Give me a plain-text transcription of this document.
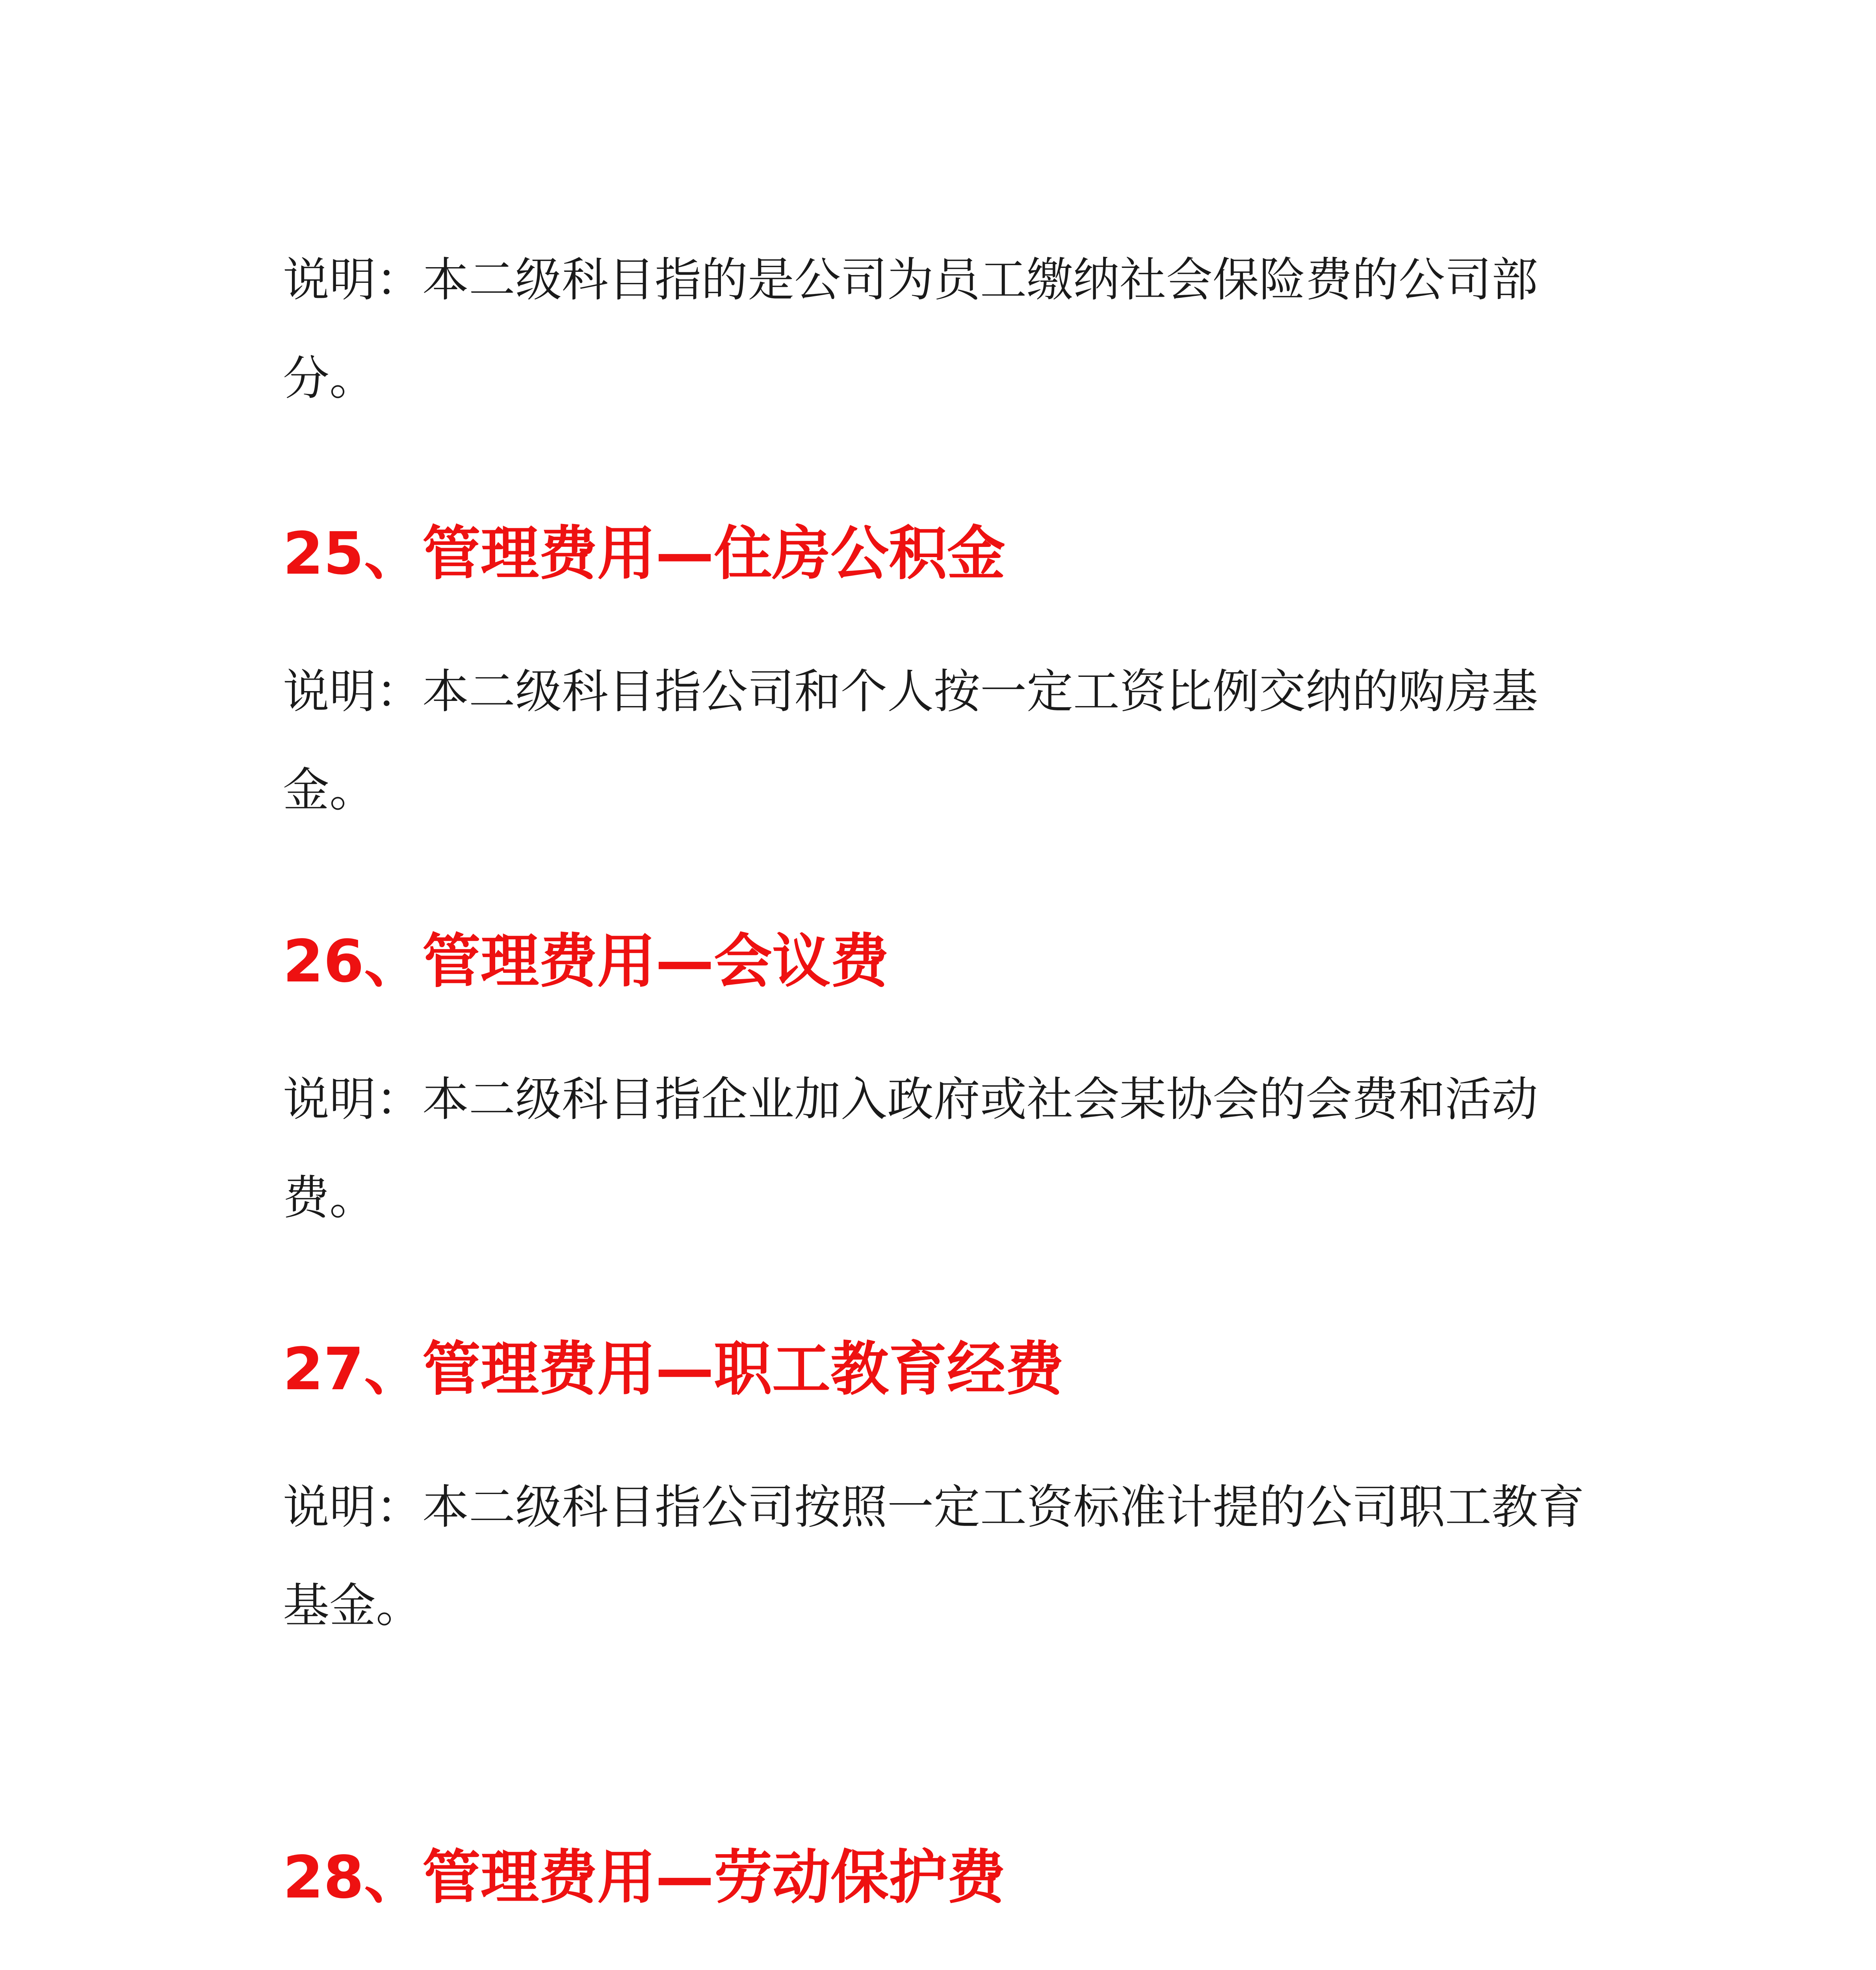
说明：本二级科目指的是公司为员工缴纳社会保险费的公司部分。

25、管理费用—住房公积金

说明：本二级科目指公司和个人按一定工资比例交纳的购房基金。

26、管理费用—会议费

说明：本二级科目指企业加入政府或社会某协会的会费和活动费。

27、管理费用—职工教育经费

说明：本二级科目指公司按照一定工资标准计提的公司职工教育基金。

28、管理费用—劳动保护费
